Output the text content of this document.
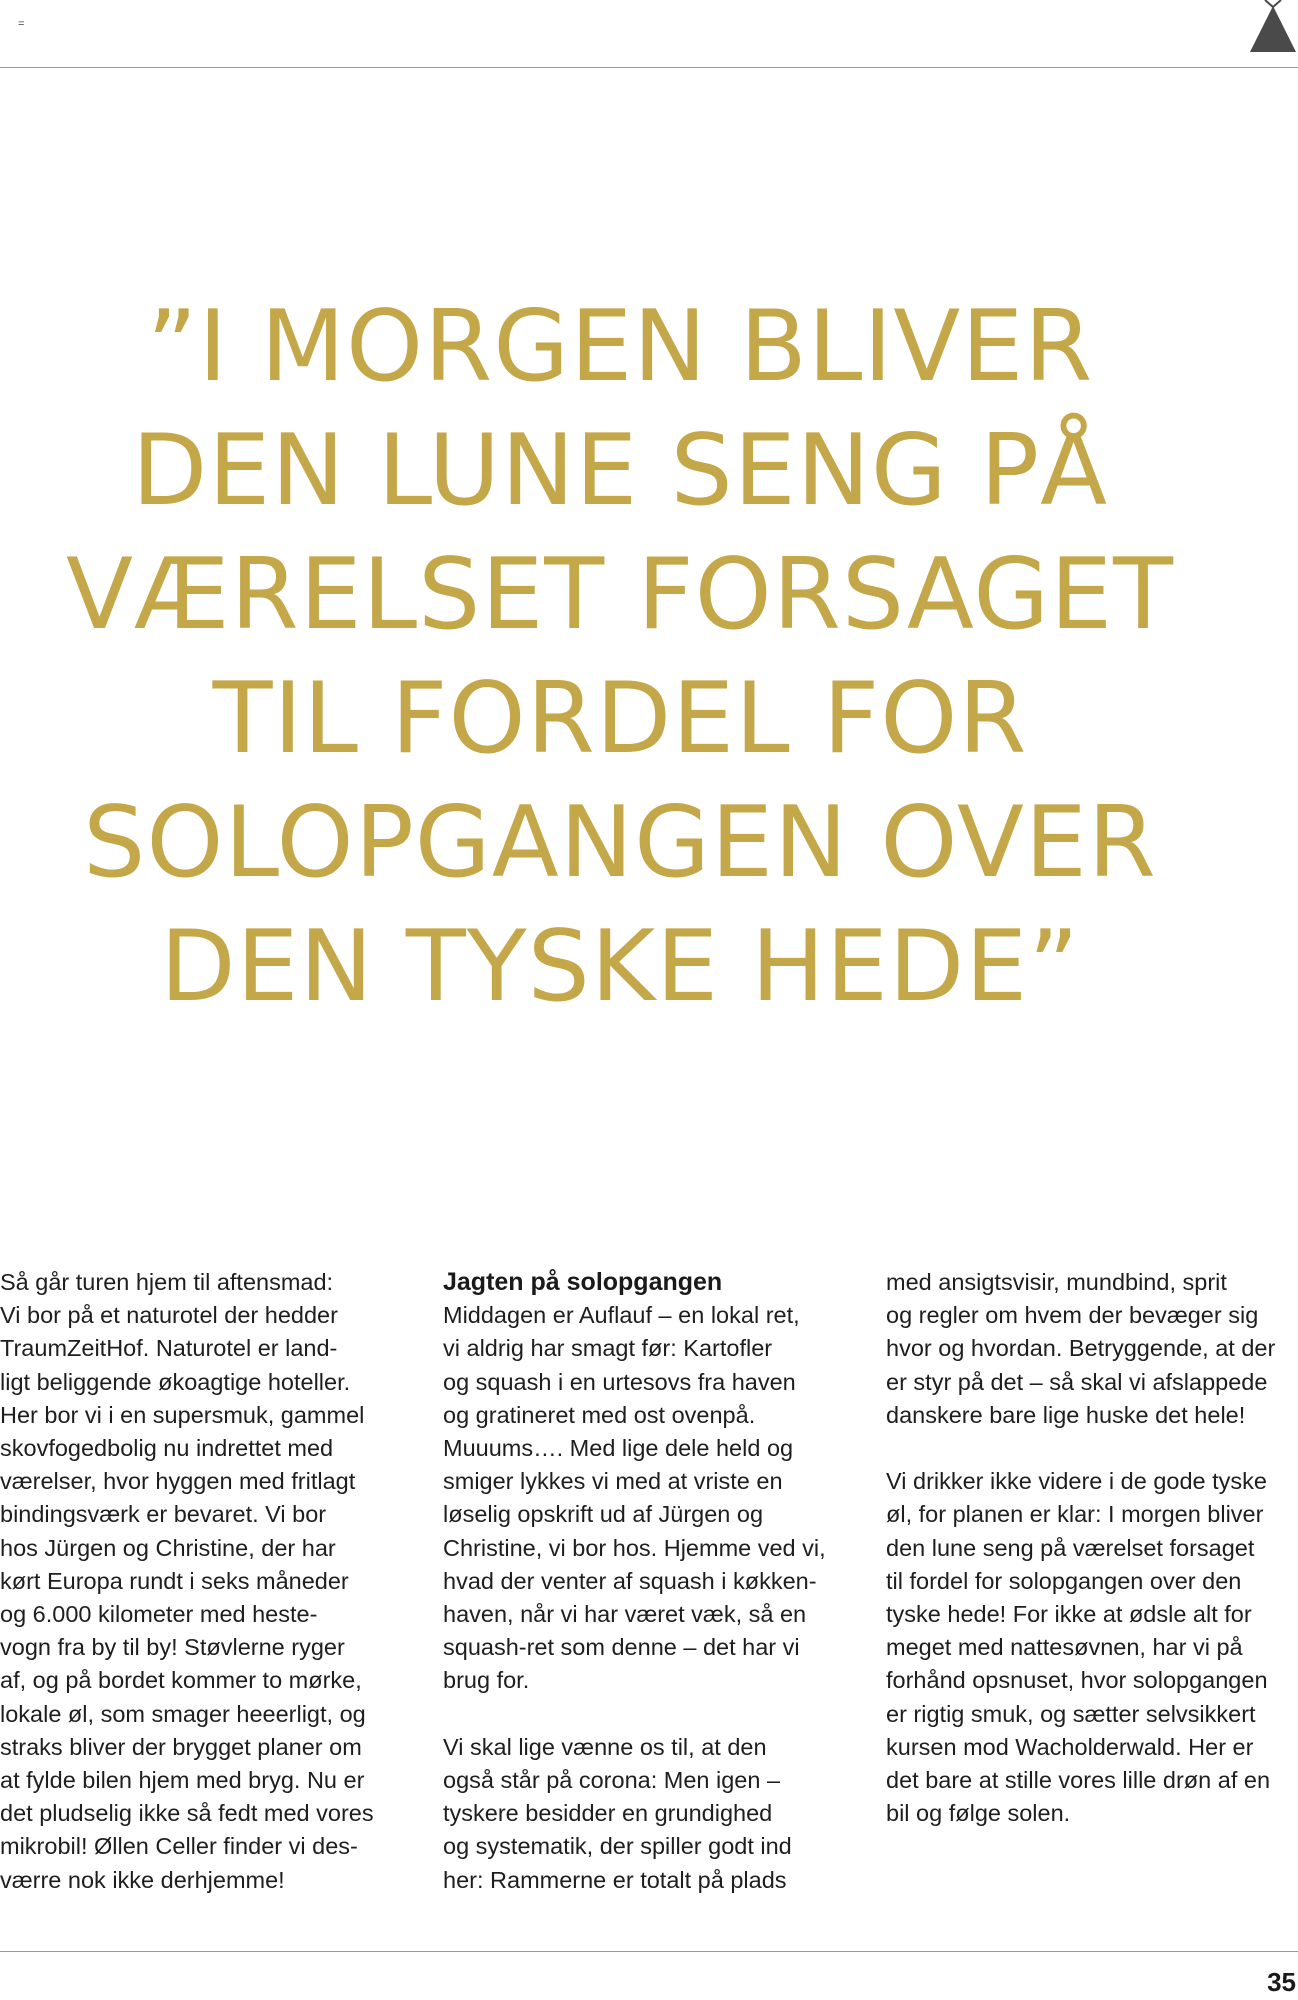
=
”I MORGEN BLIVER
DEN LUNE SENG PÅ
VÆRELSET FORSAGET
TIL FORDEL FOR
SOLOPGANGEN OVER
DEN TYSKE HEDE”

Så går turen hjem til aftensmad:

Vi bor på et naturotel der hedder

TraumZeitHof. Naturotel er land-

ligt beliggende økoagtige hoteller.

Her bor vi i en supersmuk, gammel

skovfogedbolig nu indrettet med

værelser, hvor hyggen med fritlagt

bindingsværk er bevaret. Vi bor

hos Jürgen og Christine, der har

kørt Europa rundt i seks måneder

og 6.000 kilometer med heste-

vogn fra by til by! Støvlerne ryger

af, og på bordet kommer to mørke,

lokale øl, som smager heeerligt, og

straks bliver der brygget planer om

at fylde bilen hjem med bryg. Nu er

det pludselig ikke så fedt med vores

mikrobil! Øllen Celler finder vi des-

værre nok ikke derhjemme!

Jagten på solopgangen

Middagen er Auflauf – en lokal ret,

vi aldrig har smagt før: Kartofler

og squash i en urtesovs fra haven

og gratineret med ost ovenpå.

Muuums…. Med lige dele held og

smiger lykkes vi med at vriste en

løselig opskrift ud af Jürgen og

Christine, vi bor hos. Hjemme ved vi,

hvad der venter af squash i køkken-

haven, når vi har været væk, så en

squash-ret som denne – det har vi

brug for.

Vi skal lige vænne os til, at den

også står på corona: Men igen –

tyskere besidder en grundighed

og systematik, der spiller godt ind

her: Rammerne er totalt på plads

med ansigtsvisir, mundbind, sprit

og regler om hvem der bevæger sig

hvor og hvordan. Betryggende, at der

er styr på det – så skal vi afslappede

danskere bare lige huske det hele!

Vi drikker ikke videre i de gode tyske

øl, for planen er klar: I morgen bliver

den lune seng på værelset forsaget

til fordel for solopgangen over den

tyske hede! For ikke at ødsle alt for

meget med nattesøvnen, har vi på

forhånd opsnuset, hvor solopgangen

er rigtig smuk, og sætter selvsikkert

kursen mod Wacholderwald. Her er

det bare at stille vores lille drøn af en

bil og følge solen.

35
